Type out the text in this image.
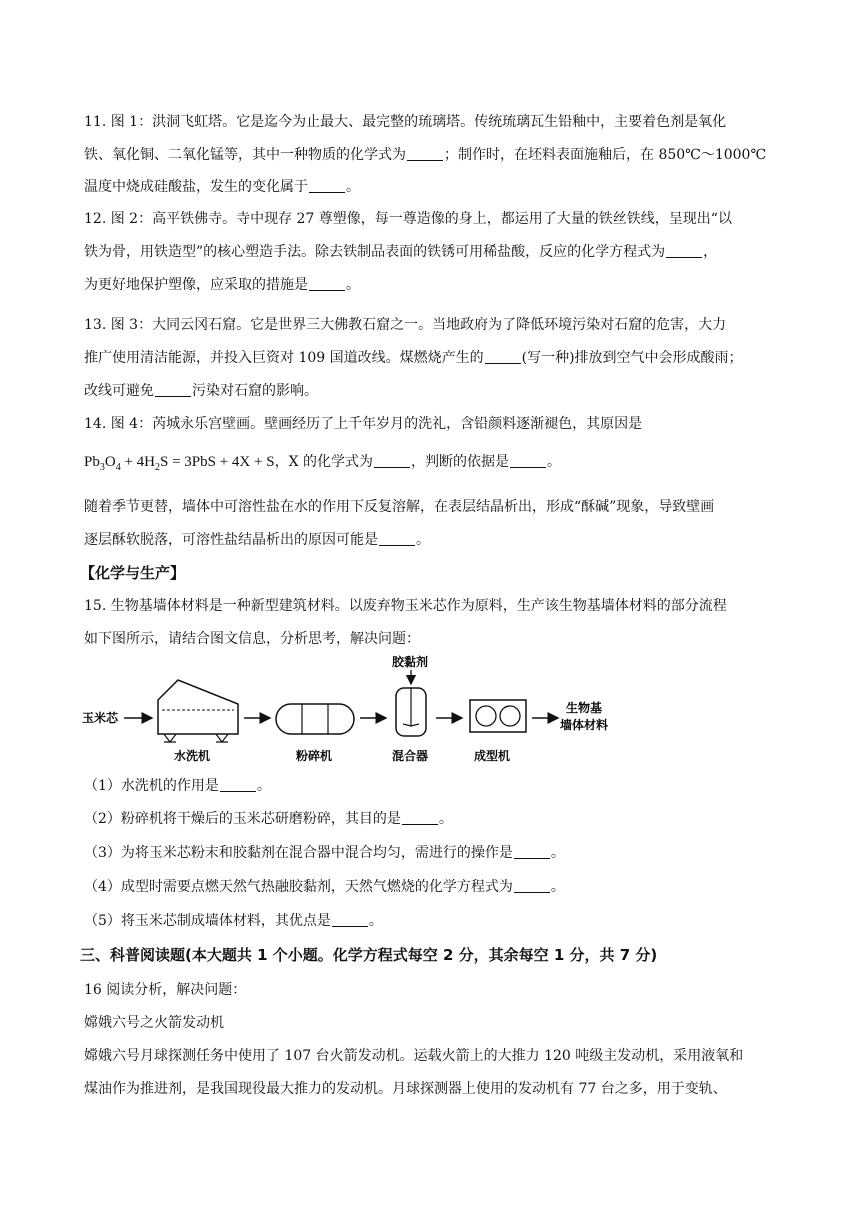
11. 图 1：洪洞飞虹塔。它是迄今为止最大、最完整的琉璃塔。传统琉璃瓦生铅釉中，主要着色剂是氧化
铁、氧化铜、二氧化锰等，其中一种物质的化学式为	；制作时，在坯料表面施釉后，在 850℃～1000℃
温度中烧成硅酸盐，发生的变化属于	。
12. 图 2：高平铁佛寺。寺中现存 27 尊塑像，每一尊造像的身上，都运用了大量的铁丝铁线，呈现出“以
铁为骨，用铁造型”的核心塑造手法。除去铁制品表面的铁锈可用稀盐酸，反应的化学方程式为	，
为更好地保护塑像，应采取的措施是	。
13. 图 3：大同云冈石窟。它是世界三大佛教石窟之一。当地政府为了降低环境污染对石窟的危害，大力
推广使用清洁能源，并投入巨资对 109 国道改线。煤燃烧产生的	(写一种)排放到空气中会形成酸雨；
改线可避免	污染对石窟的影响。
14. 图 4：芮城永乐宫壁画。壁画经历了上千年岁月的洗礼，含铅颜料逐渐褪色，其原因是
$Pb_3O_4 + 4H_2S = 3PbS + 4X + S$，X 的化学式为	，判断的依据是	。
随着季节更替，墙体中可溶性盐在水的作用下反复溶解，在表层结晶析出，形成“酥碱”现象，导致壁画
逐层酥软脱落，可溶性盐结晶析出的原因可能是	。
【化学与生产】
15. 生物基墙体材料是一种新型建筑材料。以废弃物玉米芯作为原料，生产该生物基墙体材料的部分流程
如下图所示，请结合图文信息，分析思考，解决问题：
玉米芯
水洗机	粉碎机
胶黏剂
混合器	成型机
生物基
墙体材料
（1）水洗机的作用是	。
（2）粉碎机将干燥后的玉米芯研磨粉碎，其目的是	。
（3）为将玉米芯粉末和胶黏剂在混合器中混合均匀，需进行的操作是	。
（4）成型时需要点燃天然气热融胶黏剂，天然气燃烧的化学方程式为	。
（5）将玉米芯制成墙体材料，其优点是	。
三、科普阅读题(本大题共 1 个小题。化学方程式每空 2 分，其余每空 1 分，共 7 分)
16 阅读分析，解决问题：
嫦娥六号之火箭发动机
嫦娥六号月球探测任务中使用了 107 台火箭发动机。运载火箭上的大推力 120 吨级主发动机，采用液氧和
煤油作为推进剂，是我国现役最大推力的发动机。月球探测器上使用的发动机有 77 台之多，用于变轨、
